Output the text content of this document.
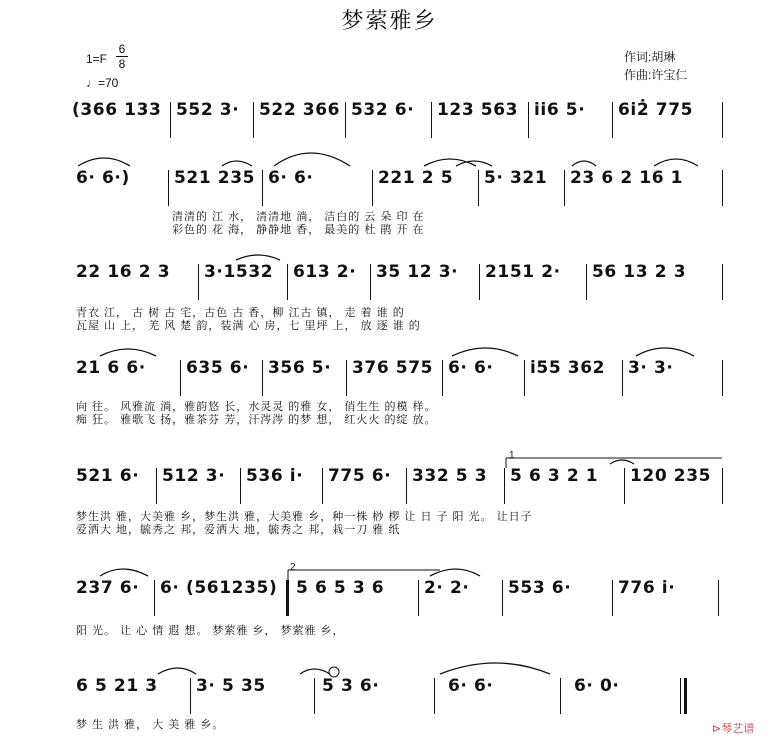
梦萦雅乡
$1=F \frac{6}{8}$
♩=70
作词:胡琳
作曲:许宝仁
(366 133 552 3· 522 366 532 6· 123 563 i̇i̇6 5· 6i̇2̇ 775
6· 6·)	521 235 6· 6·	221 2 5 5· 321 23 6 2 16 1
清清的 江 水， 清清地 淌， 洁白的 云 朵 印 在
彩色的 花 海， 静静地 香， 最美的 杜 鹃 开 在
22 16 2 3 3·1532 613 2· 35 12 3· 2151 2· 56 13 2 3
青衣 江， 古 树 古 宅，古色 古 香，柳 江古 镇， 走 着 谁 的
瓦屋 山 上， 羌 风 楚 韵，装满 心 房，七 里坪 上， 放 逐 谁 的
21 6 6· 635 6· 356 5· 376 575 6· 6· i̇55 362 3· 3·
向 往。 风雅流 淌，雅韵悠 长，水灵灵 的雅 女， 俏生生 的模 样。
痴 狂。 雅歌飞 扬，雅茶芬 芳，汗涔涔 的梦 想， 红火火 的绽 放。
521 6· 512 3· 536 i̇· 775 6· 332 5 3
1
5 6 3 2 1 120 235
梦生洪 雅，大美雅 乡，梦生洪 雅，大美雅 乡，种一株 桫 椤 让 日 子 阳 光。 让日子
爱洒大 地，毓秀之 邦，爱洒大 地，毓秀之 邦，栽一刀 雅 纸
237 6· 6· (561235)
2
5 6 5 3 6 2· 2· 553 6·	776 i̇·
阳 光。 让 心 情 遐 想。 梦萦雅 乡， 梦萦雅 乡，
6 5 21 3 3· 5 35	5 3 6·	6· 6·	6· 0·
梦 生 洪 雅， 大 美 雅 乡。	⊳琴艺谱
